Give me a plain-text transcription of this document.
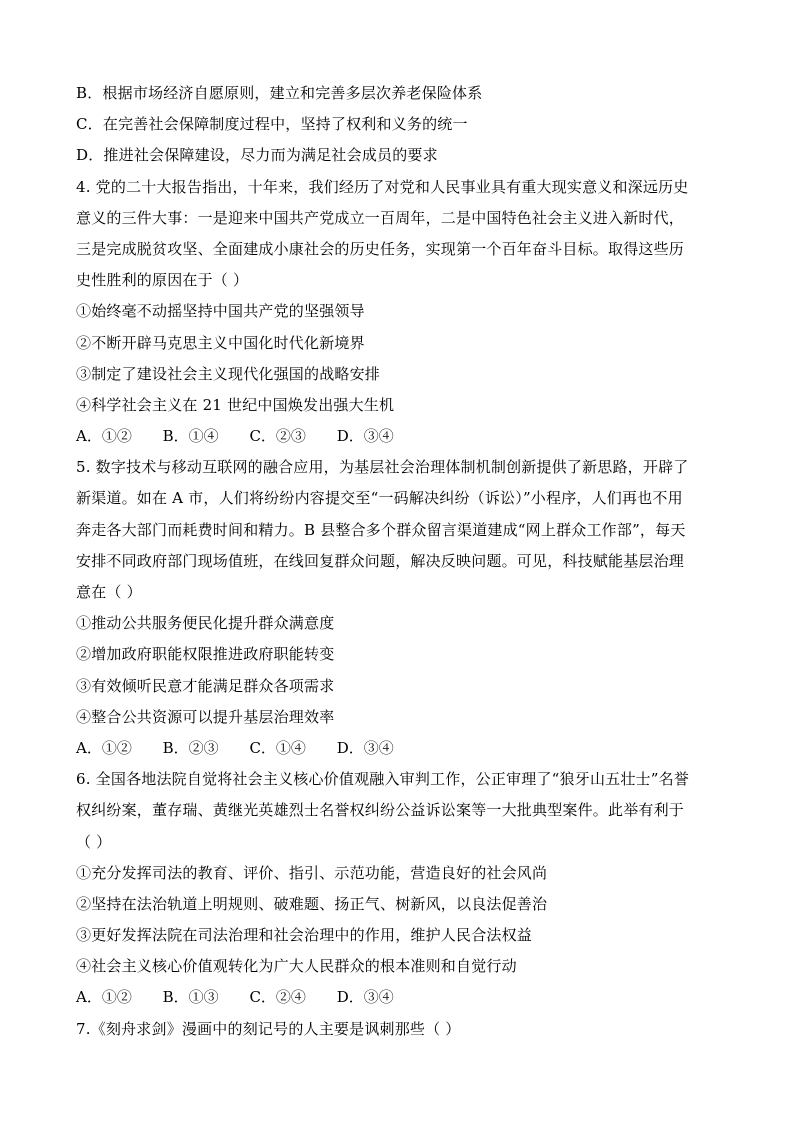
B．根据市场经济自愿原则，建立和完善多层次养老保险体系
C．在完善社会保障制度过程中，坚持了权利和义务的统一
D．推进社会保障建设，尽力而为满足社会成员的要求
4. 党的二十大报告指出，十年来，我们经历了对党和人民事业具有重大现实意义和深远历史
意义的三件大事：一是迎来中国共产党成立一百周年，二是中国特色社会主义进入新时代，
三是完成脱贫攻坚、全面建成小康社会的历史任务，实现第一个百年奋斗目标。取得这些历
史性胜利的原因在于（ ）
①始终毫不动摇坚持中国共产党的坚强领导
②不断开辟马克思主义中国化时代化新境界
③制定了建设社会主义现代化强国的战略安排
④科学社会主义在 21 世纪中国焕发出强大生机
A．①② B．①④ C．②③ D．③④
5. 数字技术与移动互联网的融合应用，为基层社会治理体制机制创新提供了新思路，开辟了
新渠道。如在 A 市，人们将纷纷内容提交至“一码解决纠纷（诉讼）”小程序，人们再也不用
奔走各大部门而耗费时间和精力。B 县整合多个群众留言渠道建成“网上群众工作部”，每天
安排不同政府部门现场值班，在线回复群众问题，解决反映问题。可见，科技赋能基层治理
意在（ ）
①推动公共服务便民化提升群众满意度
②增加政府职能权限推进政府职能转变
③有效倾听民意才能满足群众各项需求
④整合公共资源可以提升基层治理效率
A．①② B．②③ C．①④ D．③④
6. 全国各地法院自觉将社会主义核心价值观融入审判工作，公正审理了“狼牙山五壮士”名誉
权纠纷案，董存瑞、黄继光英雄烈士名誉权纠纷公益诉讼案等一大批典型案件。此举有利于
（ ）
①充分发挥司法的教育、评价、指引、示范功能，营造良好的社会风尚
②坚持在法治轨道上明规则、破难题、扬正气、树新风，以良法促善治
③更好发挥法院在司法治理和社会治理中的作用，维护人民合法权益
④社会主义核心价值观转化为广大人民群众的根本准则和自觉行动
A．①② B．①③ C．②④ D．③④
7.《刻舟求剑》漫画中的刻记号的人主要是讽刺那些（ ）
